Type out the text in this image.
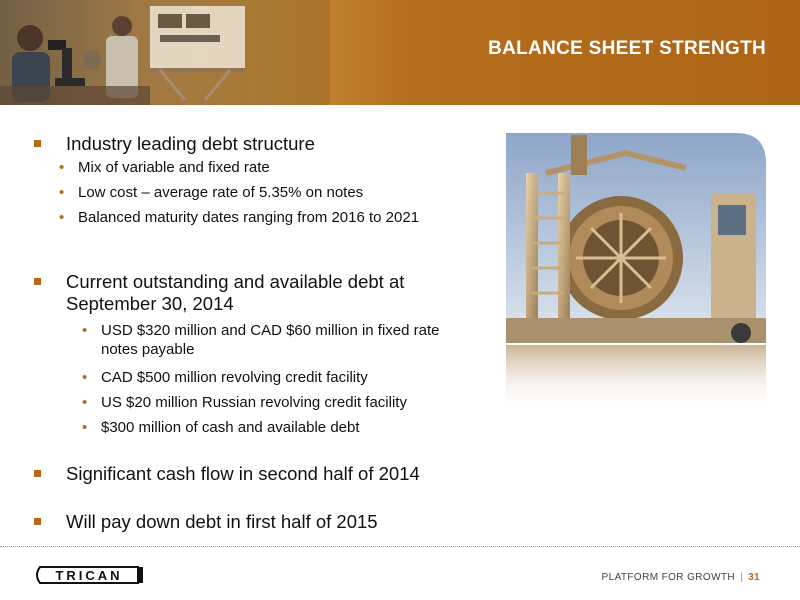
BALANCE SHEET STRENGTH
Industry leading debt structure
• Mix of variable and fixed rate
• Low cost – average rate of 5.35% on notes
• Balanced maturity dates ranging from 2016 to 2021
Current outstanding and available debt at September 30, 2014
• USD $320 million and CAD $60 million in fixed rate notes payable
• CAD $500 million revolving credit facility
• US $20 million Russian revolving credit facility
• $300 million of cash and available debt
Significant cash flow in second half of 2014
Will pay down debt in first half of 2015
TRICAN	PLATFORM FOR GROWTH | 31
